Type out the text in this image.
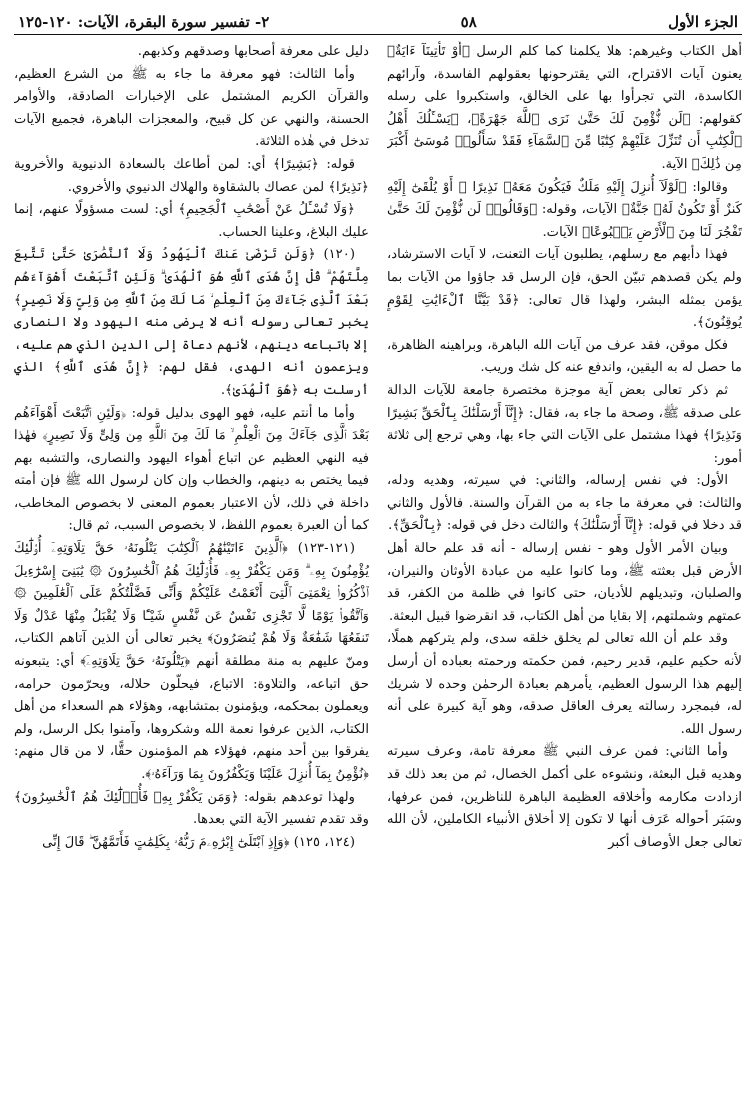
الجزء الأول
٥٨
٢- تفسير سورة البقرة، الآيات: ١٢٠-١٢٥

أهل الكتاب وغيرهم: هلا يكلمنا كما كلم الرسل ﴿أَوْ تَأْتِينَآ ءَايَةٌ﴾ يعنون آيات الاقتراح، التي يقترحونها بعقولهم الفاسدة، وآرائهم الكاسدة، التي تجرأوا بها على الخالق، واستكبروا على رسله كقولهم: ﴿لَن نُّؤْمِنَ لَكَ حَتَّىٰ نَرَى ٱللَّهَ جَهْرَةً﴾، ﴿يَسْـَٔلُكَ أَهْلُ ٱلْكِتَٰبِ أَن تُنَزِّلَ عَلَيْهِمْ كِتَٰبًا مِّنَ ٱلسَّمَآءِ فَقَدْ سَأَلُوا۟ مُوسَىٰٓ أَكْبَرَ مِن ذَٰلِكَ﴾ الآية.

وقالوا: ﴿لَوْلَآ أُنزِلَ إِلَيْهِ مَلَكٌ فَيَكُونَ مَعَهُۥ نَذِيرًا ۞ أَوْ يُلْقَىٰٓ إِلَيْهِ كَنزٌ أَوْ تَكُونُ لَهُۥ جَنَّةٌ﴾ الآيات، وقوله: ﴿وَقَالُوا۟ لَن نُّؤْمِنَ لَكَ حَتَّىٰ تَفْجُرَ لَنَا مِنَ ٱلْأَرْضِ يَنۢبُوعًا﴾ الآيات.

فهذا دأبهم مع رسلهم، يطلبون آيات التعنت، لا آيات الاسترشاد، ولم يكن قصدهم تبيّن الحق، فإن الرسل قد جاؤوا من الآيات بما يؤمن بمثله البشر، ولهذا قال تعالى: ﴿قَدْ بَيَّنَّا ٱلْءَايَٰتِ لِقَوْمٍ يُوقِنُونَ﴾.

فكل موقن، فقد عرف من آيات الله الباهرة، وبراهينه الظاهرة، ما حصل له به اليقين، واندفع عنه كل شك وريب.

ثم ذكر تعالى بعض آية موجزة مختصرة جامعة للآيات الدالة على صدقه ﷺ، وصحة ما جاء به، فقال: ﴿إِنَّآ أَرْسَلْنَٰكَ بِٱلْحَقِّ بَشِيرًا وَنَذِيرًا﴾ فهذا مشتمل على الآيات التي جاء بها، وهي ترجع إلى ثلاثة أمور:

الأول: في نفس إرساله، والثاني: في سيرته، وهديه ودله، والثالث: في معرفة ما جاء به من القرآن والسنة. فالأول والثاني قد دخلا في قوله: ﴿إِنَّآ أَرْسَلْنَٰكَ﴾ والثالث دخل في قوله: ﴿بِٱلْحَقِّ﴾.

وبيان الأمر الأول وهو - نفس إرساله - أنه قد علم حالة أهل الأرض قبل بعثته ﷺ، وما كانوا عليه من عبادة الأوثان والنيران، والصلبان، وتبديلهم للأديان، حتى كانوا في ظلمة من الكفر، قد عمتهم وشملتهم، إلا بقايا من أهل الكتاب، قد انقرضوا قبيل البعثة.

وقد علم أن الله تعالى لم يخلق خلقه سدى، ولم يتركهم هملًا، لأنه حكيم عليم، قدير رحيم، فمن حكمته ورحمته بعباده أن أرسل إليهم هذا الرسول العظيم، يأمرهم بعبادة الرحمٰن وحده لا شريك له، فبمجرد رسالته يعرف العاقل صدقه، وهو آية كبيرة على أنه رسول الله.

وأما الثاني: فمن عرف النبي ﷺ معرفة تامة، وعرف سيرته وهديه قبل البعثة، ونشوءه على أكمل الخصال، ثم من بعد ذلك قد ازدادت مكارمه وأخلاقه العظيمة الباهرة للناظرين، فمن عرفها، وسَبَر أحواله عَرَف أنها لا تكون إلا أخلاق الأنبياء الكاملين، لأن الله تعالى جعل الأوصاف أكبر

دليل على معرفة أصحابها وصدقهم وكذبهم.

وأما الثالث: فهو معرفة ما جاء به ﷺ من الشرع العظيم، والقرآن الكريم المشتمل على الإخبارات الصادقة، والأوامر الحسنة، والنهي عن كل قبيح، والمعجزات الباهرة، فجميع الآيات تدخل في هٰذه الثلاثة.

قوله: ﴿بَشِيرًا﴾ أي: لمن أطاعك بالسعادة الدنيوية والأخروية ﴿نَذِيرًا﴾ لمن عصاك بالشقاوة والهلاك الدنيوي والأخروي.

﴿وَلَا تُسْـَٔلُ عَنْ أَصْحَٰبِ ٱلْجَحِيمِ﴾ أي: لست مسؤولًا عنهم، إنما عليك البلاغ، وعلينا الحساب.

(١٢٠) ﴿وَلَن تَرْضَىٰ عَنكَ ٱلْيَهُودُ وَلَا ٱلنَّصَٰرَىٰ حَتَّىٰ تَتَّبِعَ مِلَّتَهُمْ ۗ قُلْ إِنَّ هُدَى ٱللَّهِ هُوَ ٱلْهُدَىٰ ۗ وَلَئِنِ ٱتَّبَعْتَ أَهْوَآءَهُم بَعْدَ ٱلَّذِى جَآءَكَ مِنَ ٱلْعِلْمِ ۙ مَا لَكَ مِنَ ٱللَّهِ مِن وَلِىٍّ وَلَا نَصِيرٍ﴾ يخبر تعالى رسوله أنه لا يرضى منه اليهود ولا النصارى إلا باتباعه دينهم، لأنهم دعاة إلى الدين الذي هم عليه، ويزعمون أنه الهدى، فقل لهم: ﴿إِنَّ هُدَى ٱللَّهِ﴾ الذي أرسلت به ﴿هُوَ ٱلْهُدَىٰ﴾.

وأما ما أنتم عليه، فهو الهوى بدليل قوله: ﴿وَلَئِنِ ٱتَّبَعْتَ أَهْوَآءَهُم بَعْدَ ٱلَّذِى جَآءَكَ مِنَ ٱلْعِلْمِ ۙ مَا لَكَ مِنَ ٱللَّهِ مِن وَلِىٍّ وَلَا نَصِيرٍ﴾ فهٰذا فيه النهي العظيم عن اتباع أهواء اليهود والنصارى، والتشبه بهم فيما يختص به دينهم، والخطاب وإن كان لرسول الله ﷺ فإن أمته داخلة في ذلك، لأن الاعتبار بعموم المعنى لا بخصوص المخاطب، كما أن العبرة بعموم اللفظ، لا بخصوص السبب، ثم قال:

(١٢١-١٢٣) ﴿ٱلَّذِينَ ءَاتَيْنَٰهُمُ ٱلْكِتَٰبَ يَتْلُونَهُۥ حَقَّ تِلَاوَتِهِۦٓ أُو۟لَٰٓئِكَ يُؤْمِنُونَ بِهِۦ ۗ وَمَن يَكْفُرْ بِهِۦ فَأُو۟لَٰٓئِكَ هُمُ ٱلْخَٰسِرُونَ ۞ يَٰبَنِىٓ إِسْرَٰٓءِيلَ ٱذْكُرُوا۟ نِعْمَتِىَ ٱلَّتِىٓ أَنْعَمْتُ عَلَيْكُمْ وَأَنِّى فَضَّلْتُكُمْ عَلَى ٱلْعَٰلَمِينَ ۞ وَٱتَّقُوا۟ يَوْمًا لَّا تَجْزِى نَفْسٌ عَن نَّفْسٍ شَيْـًٔا وَلَا يُقْبَلُ مِنْهَا عَدْلٌ وَلَا تَنفَعُهَا شَفَٰعَةٌ وَلَا هُمْ يُنصَرُونَ﴾ يخبر تعالى أن الذين آتاهم الكتاب، ومنّ عليهم به منة مطلقة أنهم ﴿يَتْلُونَهُۥ حَقَّ تِلَاوَتِهِۦٓ﴾ أي: يتبعونه حق اتباعه، والتلاوة: الاتباع، فيحلّون حلاله، ويحرّمون حرامه، ويعملون بمحكمه، ويؤمنون بمتشابهه، وهؤلاء هم السعداء من أهل الكتاب، الذين عرفوا نعمة الله وشكروها، وآمنوا بكل الرسل، ولم يفرقوا بين أحد منهم، فهؤلاء هم المؤمنون حقًّا، لا من قال منهم: ﴿نُؤْمِنُ بِمَآ أُنزِلَ عَلَيْنَا وَيَكْفُرُونَ بِمَا وَرَآءَهُۥ﴾.

ولهذا توعدهم بقوله: ﴿وَمَن يَكْفُرْ بِهِۦ فَأُو۟لَٰٓئِكَ هُمُ ٱلْخَٰسِرُونَ﴾ وقد تقدم تفسير الآية التي بعدها.

(١٢٤، ١٢٥) ﴿وَإِذِ ٱبْتَلَىٰٓ إِبْرَٰهِۦمَ رَبُّهُۥ بِكَلِمَٰتٍ فَأَتَمَّهُنَّ ۖ قَالَ إِنِّى
